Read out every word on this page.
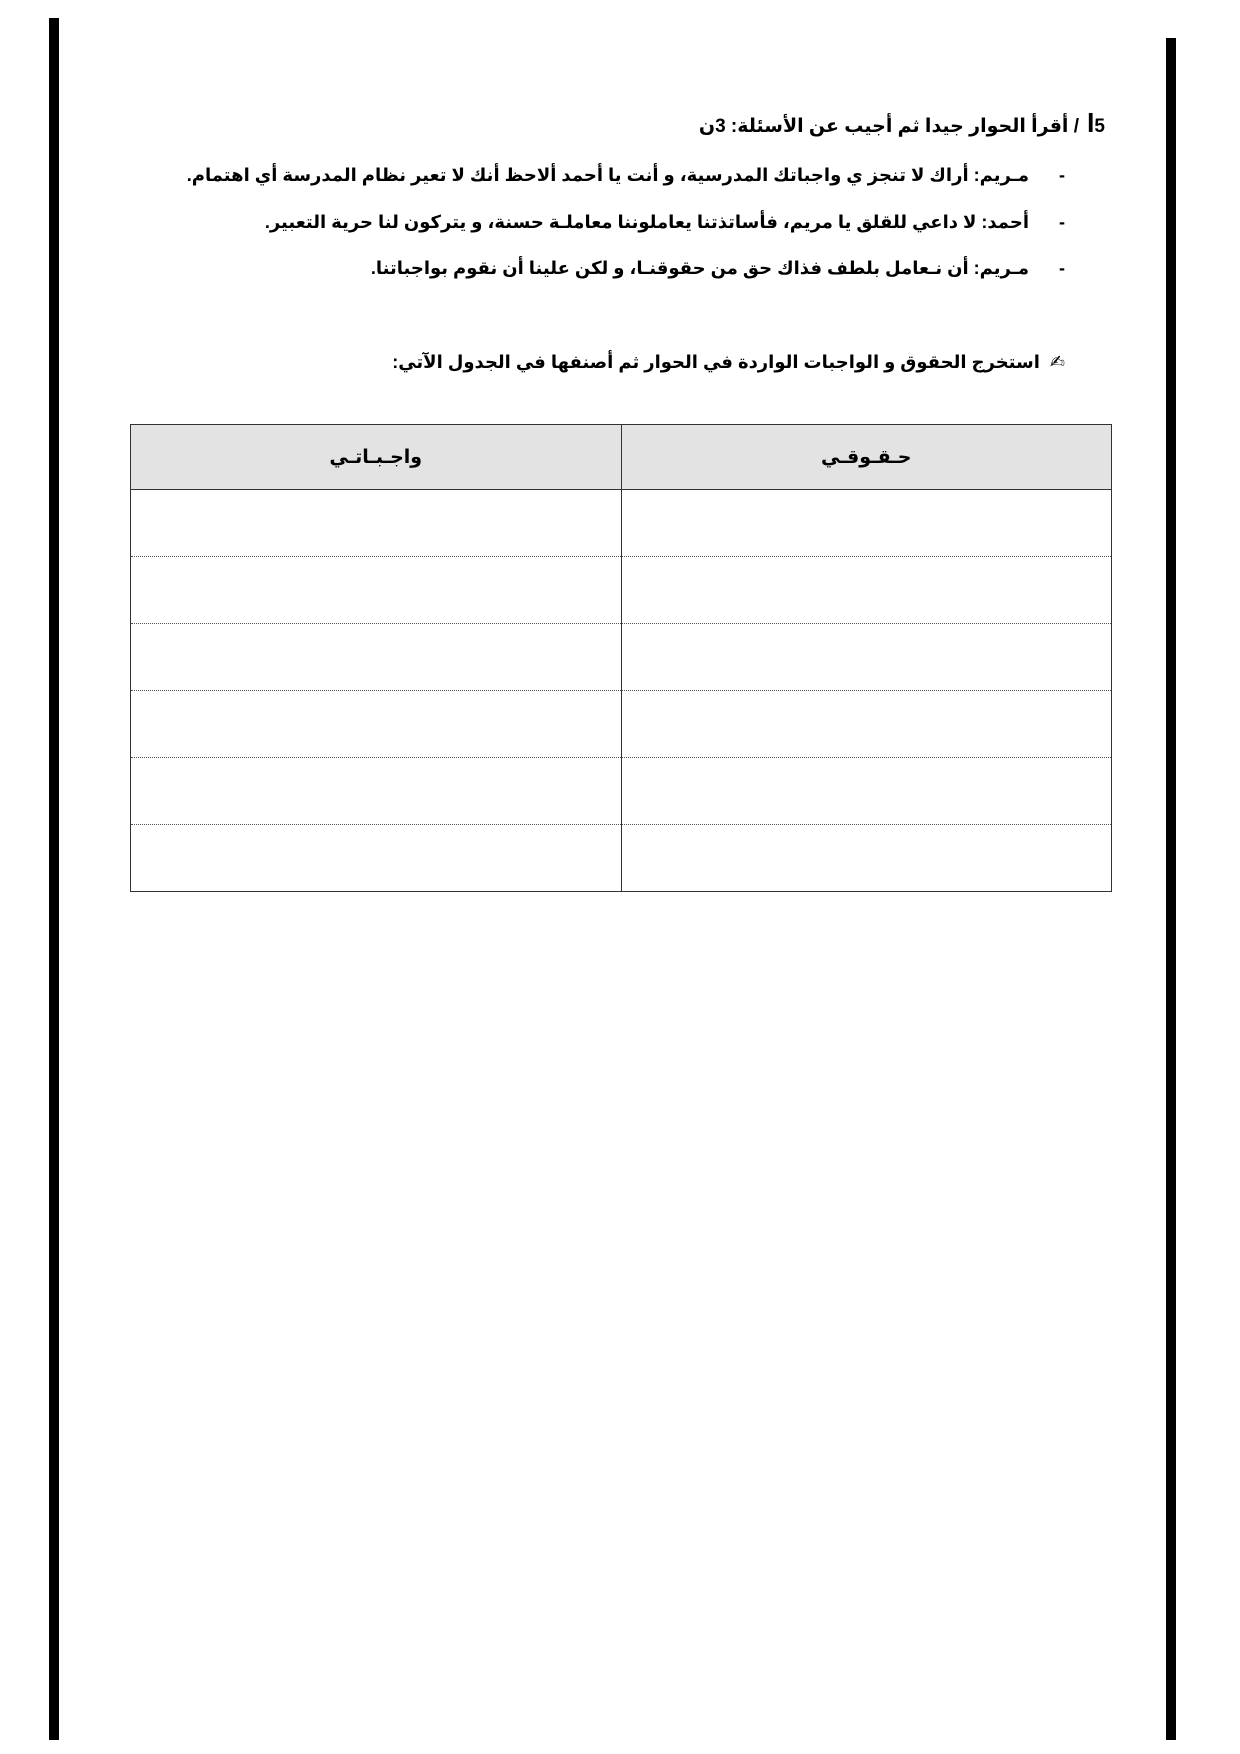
ꟾ5/ أقرأ الحوار جيدا ثم أجيب عن الأسئلة: 3ن
-مـريم: أراك لا تنجز ي واجباتك المدرسية، و أنت يا أحمد ألاحظ أنك لا تعير نظام المدرسة أي اهتمام.
-أحمد: لا داعي للقلق يا مريم، فأساتذتنا يعاملوننا معاملـة حسنة، و يتركون لنا حرية التعبير.
-مـريم: أن نـعامل بلطف فذاك حق من حقوقنـا، و لكن علينا أن نقوم بواجباتنا.
✍استخرج الحقوق و الواجبات الواردة في الحوار ثم أصنفها في الجدول الآتي:
حـقـوقـي	واجـبـاتـي
